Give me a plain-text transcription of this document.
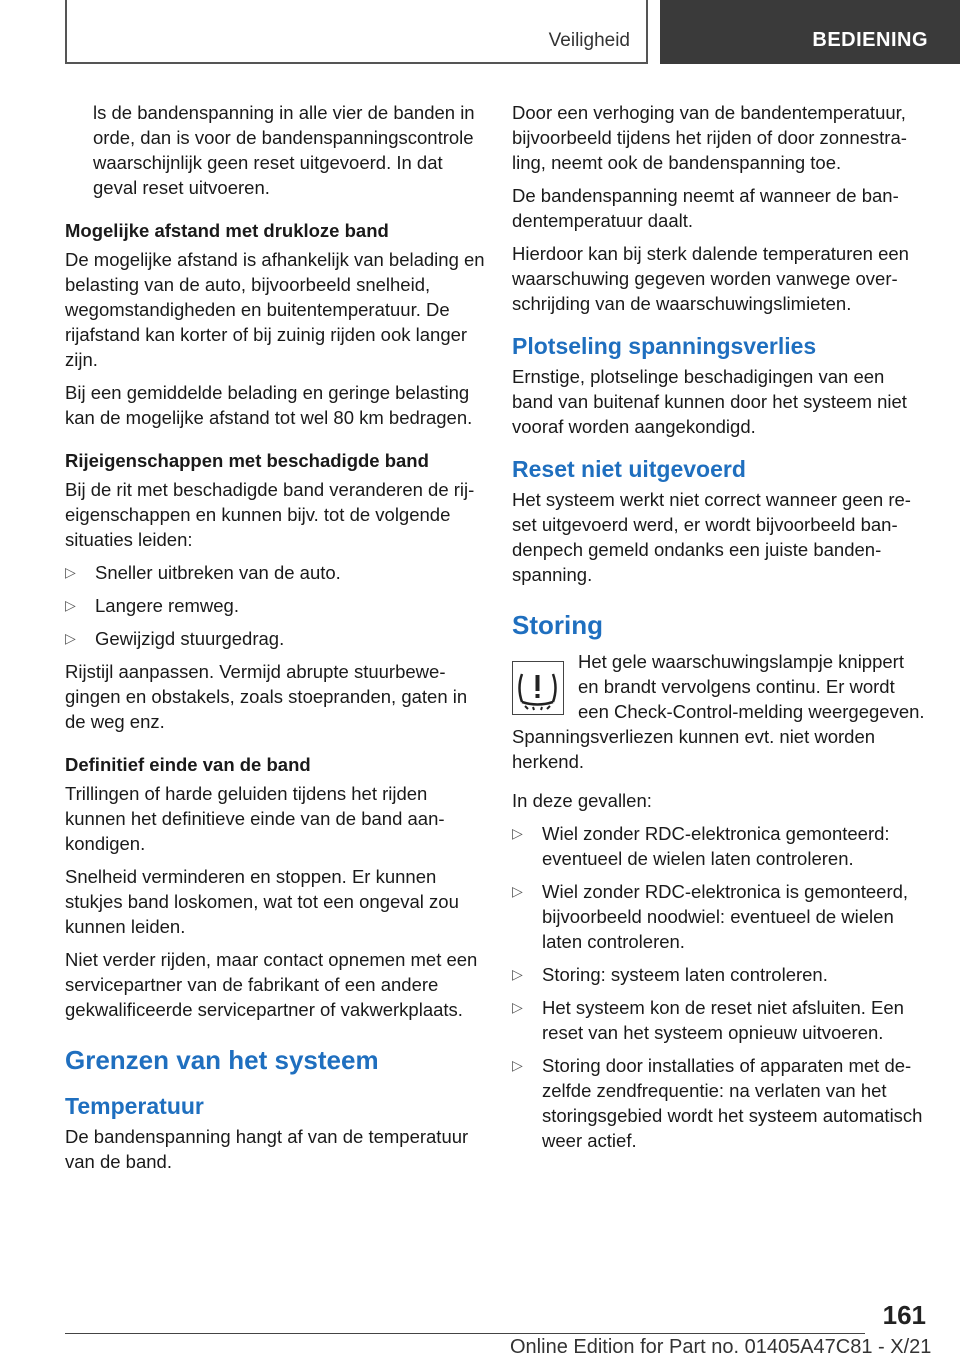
Veiligheid	BEDIENING

ls de bandenspanning in alle vier de banden in orde, dan is voor de bandenspanningscontrole waarschijnlijk geen reset uitgevoerd. In dat geval reset uitvoeren.

Mogelijke afstand met drukloze band

De mogelijke afstand is afhankelijk van belading en belasting van de auto, bijvoorbeeld snelheid, wegomstandigheden en buitentemperatuur. De rijafstand kan korter of bij zuinig rijden ook langer zijn.

Bij een gemiddelde belading en geringe belasting kan de mogelijke afstand tot wel 80 km bedragen.

Rijeigenschappen met beschadigde band

Bij de rit met beschadigde band veranderen de rij-eigenschappen en kunnen bijv. tot de volgende situaties leiden:

▷ Sneller uitbreken van de auto.
▷ Langere remweg.
▷ Gewijzigd stuurgedrag.

Rijstijl aanpassen. Vermijd abrupte stuurbewegingen en obstakels, zoals stoepranden, gaten in de weg enz.

Definitief einde van de band

Trillingen of harde geluiden tijdens het rijden kunnen het definitieve einde van de band aankondigen.

Snelheid verminderen en stoppen. Er kunnen stukjes band loskomen, wat tot een ongeval zou kunnen leiden.

Niet verder rijden, maar contact opnemen met een servicepartner van de fabrikant of een andere gekwalificeerde servicepartner of vakwerkplaats.

Grenzen van het systeem
Temperatuur

De bandenspanning hangt af van de temperatuur van de band.

Door een verhoging van de bandentemperatuur, bijvoorbeeld tijdens het rijden of door zonnestraling, neemt ook de bandenspanning toe.

De bandenspanning neemt af wanneer de bandentemperatuur daalt.

Hierdoor kan bij sterk dalende temperaturen een waarschuwing gegeven worden vanwege overschrijding van de waarschuwingslimieten.

Plotseling spanningsverlies

Ernstige, plotselinge beschadigingen van een band van buitenaf kunnen door het systeem niet vooraf worden aangekondigd.

Reset niet uitgevoerd

Het systeem werkt niet correct wanneer geen reset uitgevoerd werd, er wordt bijvoorbeeld bandenpech gemeld ondanks een juiste bandenspanning.

Storing

Het gele waarschuwingslampje knippert en brandt vervolgens continu. Er wordt een Check-Control-melding weergegeven. Spanningsverliezen kunnen evt. niet worden herkend.

In deze gevallen:

▷ Wiel zonder RDC-elektronica gemonteerd: eventueel de wielen laten controleren.
▷ Wiel zonder RDC-elektronica is gemonteerd, bijvoorbeeld noodwiel: eventueel de wielen laten controleren.
▷ Storing: systeem laten controleren.
▷ Het systeem kon de reset niet afsluiten. Een reset van het systeem opnieuw uitvoeren.
▷ Storing door installaties of apparaten met dezelfde zendfrequentie: na verlaten van het storingsgebied wordt het systeem automatisch weer actief.
161
Online Edition for Part no. 01405A47C81 - X/21
